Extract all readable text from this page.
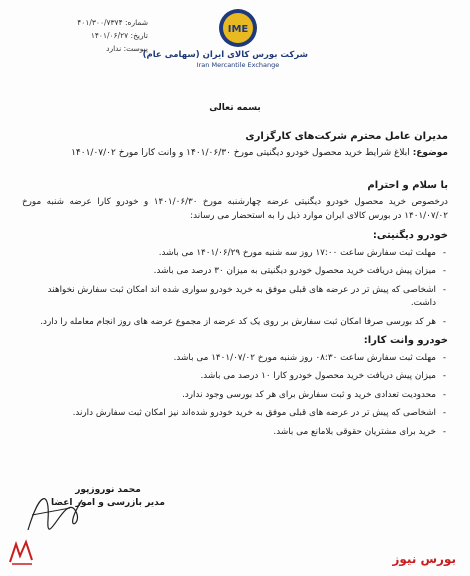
شماره: ۴۰۱/۳۰۰/۷۳۷۴
تاریخ: ۱۴۰۱/۰۶/۲۷
پیوست: ندارد
IME
شرکت بورس کالای ایران (سهامی عام)
Iran Mercantile Exchange
بسمه تعالی
مدیران عامل محترم شرکت‌های کارگزاری
موضوع: ابلاغ شرایط خرید محصول خودرو دیگنیتی مورخ ۱۴۰۱/۰۶/۳۰ و وانت کارا مورخ ۱۴۰۱/۰۷/۰۲
با سلام و احترام
درخصوص خرید محصول خودرو دیگنیتی عرضه چهارشنبه مورخ ۱۴۰۱/۰۶/۳۰ و خودرو کارا عرضه شنبه مورخ ۱۴۰۱/۰۷/۰۲ در بورس کالای ایران موارد ذیل را به استحضار می رساند:
خودرو دیگنیتی:
- مهلت ثبت سفارش ساعت ۱۷:۰۰ روز سه شنبه مورخ ۱۴۰۱/۰۶/۲۹ می باشد.
- میزان پیش دریافت خرید محصول خودرو دیگنیتی به میزان ۳۰ درصد می باشد.
- اشخاصی که پیش تر در عرضه های قبلی موفق به خرید خودرو سواری شده اند امکان ثبت سفارش نخواهند داشت.
- هر کد بورسی صرفا امکان ثبت سفارش بر روی یک کد عرضه از مجموع عرضه های روز انجام معامله را دارد.
خودرو وانت کارا:
- مهلت ثبت سفارش ساعت ۰۸:۳۰ روز شنبه مورخ ۱۴۰۱/۰۷/۰۲ می باشد.
- میزان پیش دریافت خرید محصول خودرو کارا ۱۰ درصد می باشد.
- محدودیت تعدادی خرید و ثبت سفارش برای هر کد بورسی وجود ندارد.
- اشخاصی که پیش تر در عرضه های قبلی موفق به خرید خودرو شده‌اند نیز امکان ثبت سفارش دارند.
- خرید برای مشتریان حقوقی بلامانع می باشد.
محمد نوروزپور
مدیر بازرسی و امور اعضا
بورس نیوز
